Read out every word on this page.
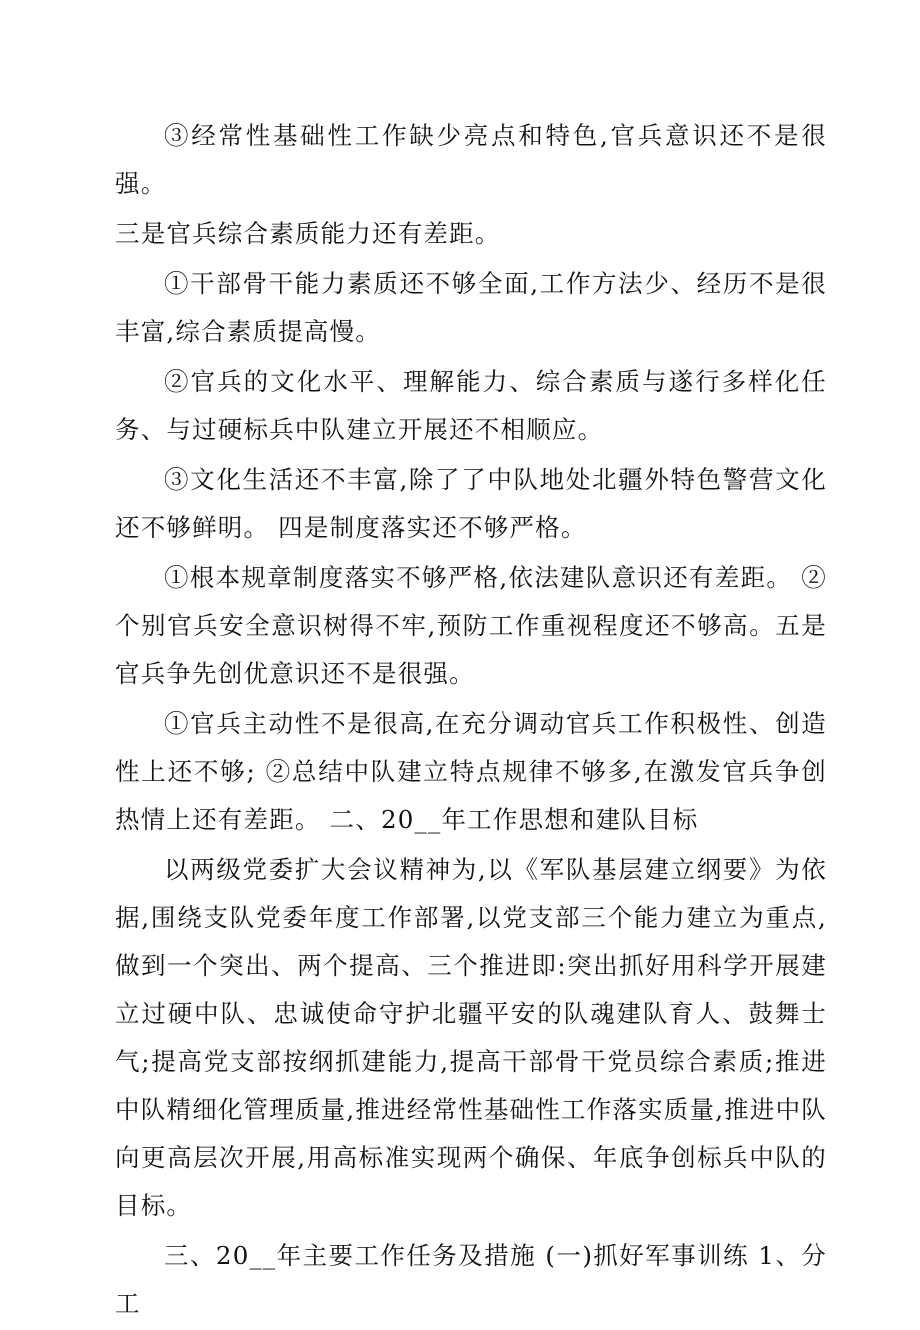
③经常性基础性工作缺少亮点和特色,官兵意识还不是很强。

三是官兵综合素质能力还有差距。

①干部骨干能力素质还不够全面,工作方法少、经历不是很丰富,综合素质提高慢。

②官兵的文化水平、理解能力、综合素质与遂行多样化任务、与过硬标兵中队建立开展还不相顺应。

③文化生活还不丰富,除了了中队地处北疆外特色警营文化还不够鲜明。 四是制度落实还不够严格。

①根本规章制度落实不够严格,依法建队意识还有差距。 ②个别官兵安全意识树得不牢,预防工作重视程度还不够高。五是官兵争先创优意识还不是很强。

①官兵主动性不是很高,在充分调动官兵工作积极性、创造性上还不够; ②总结中队建立特点规律不够多,在激发官兵争创热情上还有差距。 二、20__年工作思想和建队目标

以两级党委扩大会议精神为,以《军队基层建立纲要》为依据,围绕支队党委年度工作部署,以党支部三个能力建立为重点,做到一个突出、两个提高、三个推进即:突出抓好用科学开展建立过硬中队、忠诚使命守护北疆平安的队魂建队育人、鼓舞士气;提高党支部按纲抓建能力,提高干部骨干党员综合素质;推进中队精细化管理质量,推进经常性基础性工作落实质量,推进中队向更高层次开展,用高标准实现两个确保、年底争创标兵中队的目标。

三、20__年主要工作任务及措施 (一)抓好军事训练 1、分工
